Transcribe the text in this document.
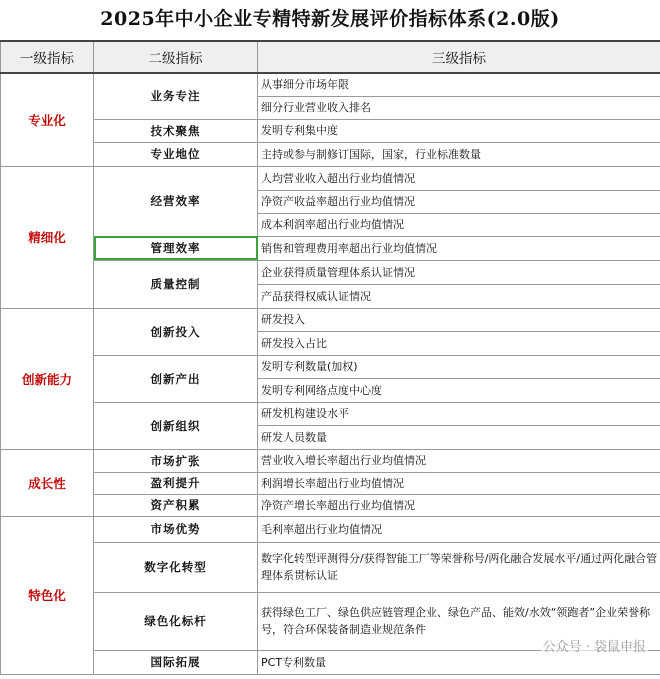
2025年中小企业专精特新发展评价指标体系(2.0版)
一级指标	二级指标	三级指标
专业化	业务专注	从事细分市场年限
		细分行业营业收入排名
	技术聚焦	发明专利集中度
	专业地位	主持或参与制修订国际，国家，行业标准数量
精细化	经营效率	人均营业收入超出行业均值情况
		净资产收益率超出行业均值情况
		成本利润率超出行业均值情况
	管理效率	销售和管理费用率超出行业均值情况
	质量控制	企业获得质量管理体系认证情况
		产品获得权威认证情况
创新能力	创新投入	研发投入
		研发投入占比
	创新产出	发明专利数量(加权)
		发明专利网络点度中心度
	创新组织	研发机构建设水平
		研发人员数量
成长性	市场扩张	营业收入增长率超出行业均值情况
	盈利提升	利润增长率超出行业均值情况
	资产积累	净资产增长率超出行业均值情况
特色化	市场优势	毛利率超出行业均值情况
	数字化转型	数字化转型评测得分/获得智能工厂等荣誉称号/两化融合发展水平/通过两化融合管理体系贯标认证
	绿色化标杆	获得绿色工厂、绿色供应链管理企业、绿色产品、能效/水效“领跑者”企业荣誉称号，符合环保装备制造业规范条件
	国际拓展	PCT专利数量
公众号 · 袋鼠申报
